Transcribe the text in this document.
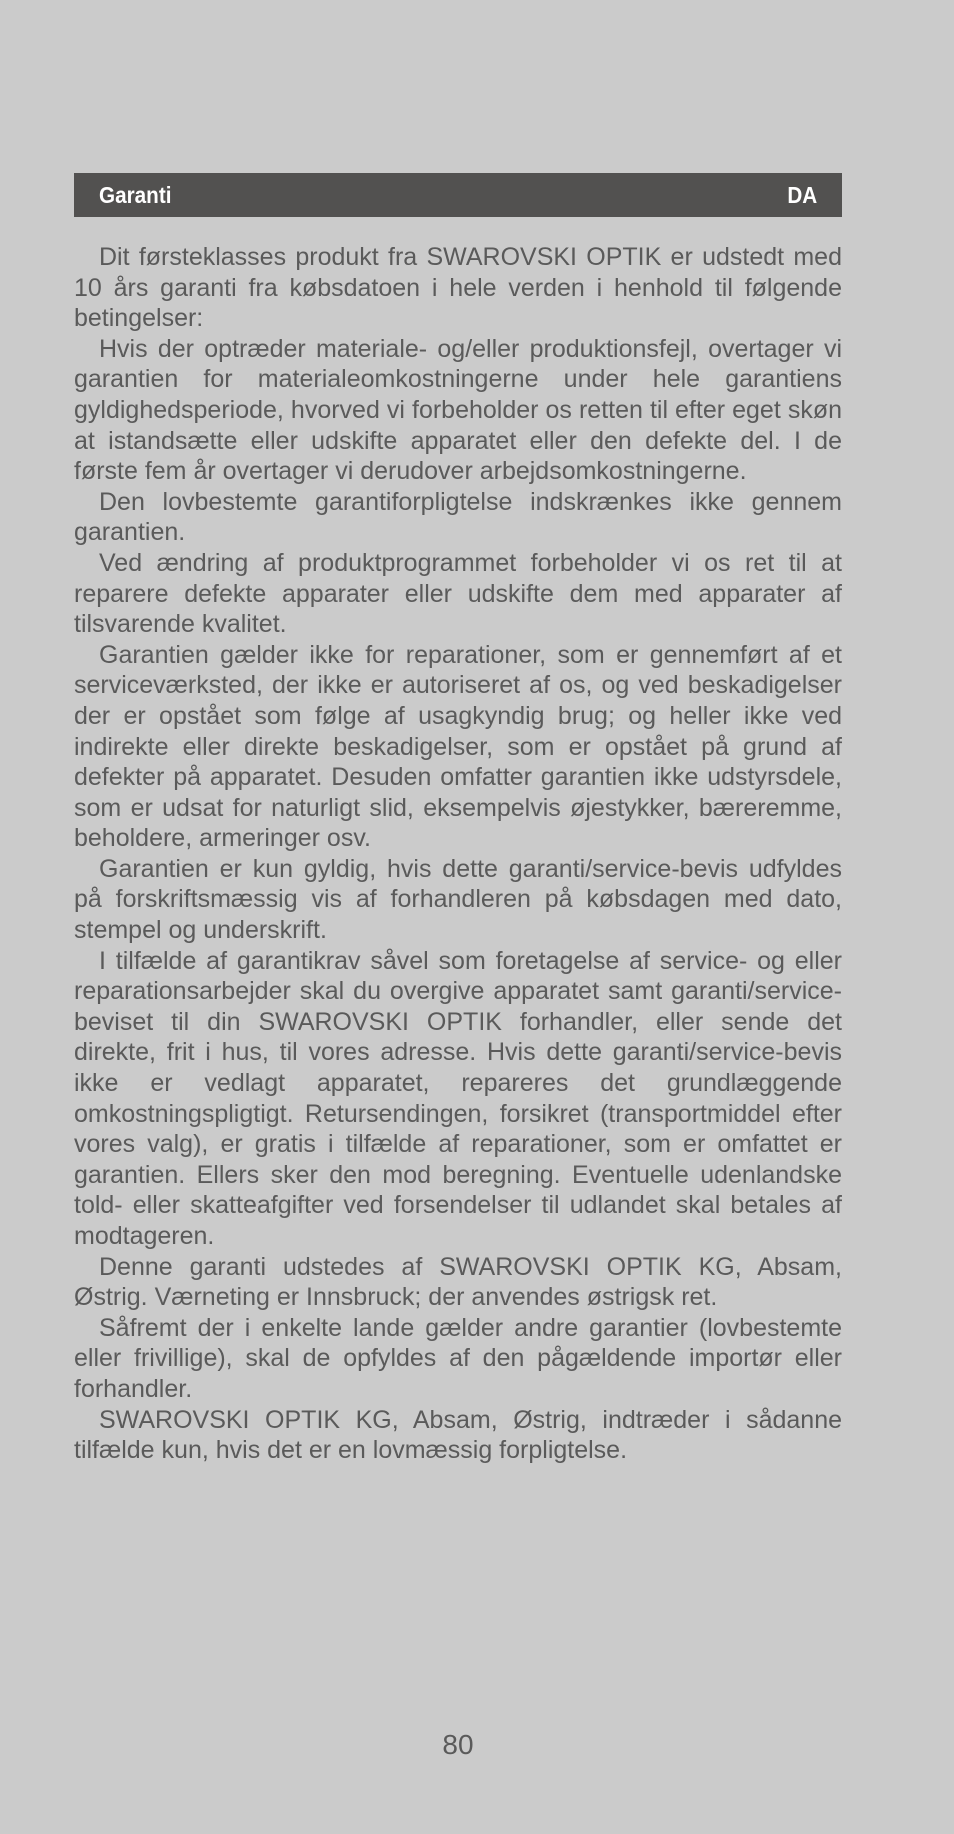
Garanti	DA

Dit førsteklasses produkt fra SWAROVSKI OPTIK er udstedt med 10 års garanti fra købsdatoen i hele verden i henhold til følgende betingelser:

Hvis der optræder materiale- og/eller produktionsfejl, overtager vi garantien for materialeomkostningerne under hele garantiens gyldighedsperiode, hvorved vi forbeholder os retten til efter eget skøn at istandsætte eller udskifte apparatet eller den defekte del. I de første fem år overtager vi derudover arbejdsomkostningerne.

Den lovbestemte garantiforpligtelse indskrænkes ikke gennem garantien.

Ved ændring af produktprogrammet forbeholder vi os ret til at reparere defekte apparater eller udskifte dem med apparater af tilsvarende kvalitet.

Garantien gælder ikke for reparationer, som er gennemført af et serviceværksted, der ikke er autoriseret af os, og ved beskadigelser der er opstået som følge af usagkyndig brug; og heller ikke ved indirekte eller direkte beskadigelser, som er opstået på grund af defekter på apparatet. Desuden omfatter garantien ikke udstyrsdele, som er udsat for naturligt slid, eksempelvis øjestykker, bæreremme, beholdere, armeringer osv.

Garantien er kun gyldig, hvis dette garanti/service-bevis udfyldes på forskriftsmæssig vis af forhandleren på købsdagen med dato, stempel og underskrift.

I tilfælde af garantikrav såvel som foretagelse af service- og eller reparationsarbejder skal du overgive apparatet samt garanti/​service-beviset til din SWAROVSKI OPTIK forhandler, eller sende det direkte, frit i hus, til vores adresse. Hvis dette garanti/service-​bevis ikke er vedlagt apparatet, repareres det grundlæggende omkostningspligtigt. Retursendingen, forsikret (transportmiddel efter vores valg), er gratis i tilfælde af reparationer, som er omfattet er garantien. Ellers sker den mod beregning. Eventuelle udenlandske told- eller skatteafgifter ved forsendelser til udlandet skal betales af modtageren.

Denne garanti udstedes af SWAROVSKI OPTIK KG, Absam, Østrig. Værneting er Innsbruck; der anvendes østrigsk ret.

Såfremt der i enkelte lande gælder andre garantier (lovbestemte eller frivillige), skal de opfyldes af den pågældende importør eller forhandler.

SWAROVSKI OPTIK KG, Absam, Østrig, indtræder i sådanne tilfælde kun, hvis det er en lovmæssig forpligtelse.

80
